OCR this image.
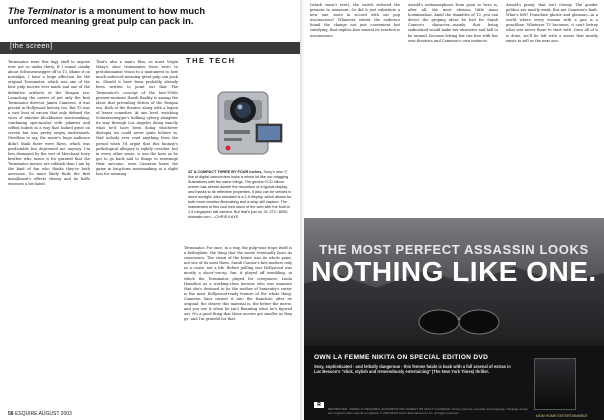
The Terminator is a monument to how much unforced meaning great pulp can pack in.
[the screen]
Terminator were this lugy stuff to anyone ever not so under thirty. If I sound cranky about Schwarzenegger off to T3, blame it on nostalgia. I have a huge affection for the original Terminator, which was one of the best pulp movies ever made and one of the definitive artifacts of the Reagan era. Launching the career of not only the first Terminator director James Cameron, it was pivotal in Hollywood history, too. But T2 was a vast bust of excess that only defined the vices of nineties blockbuster moviemaking, combining spectacular with jokiness and selfish hubris in a way that looked great on screen but was pretty empty underneath. Needless to say, the movie's huge audience didn't think there were flaws, which was predictable but depressed me anyway. I'm less dismayed by the sort of Merchant Ivory brother who raises it for granted that the Terminator movies are rubbish than I am by the kind of fan who thinks they're both awesome. So more likely finds the first installment's effects cheesy and its boffo excesses a bit dated.
That's also a man's film, as must Virgin Mary's shoe testimonies from retro to protohumanist vision to a monument to how much unforced meaning great pulp can pack in. Should it have been probably already been written to point out that The Terminator's concept of the late-1980s present-moment Harsh Reality is among the ideas that prevailing fiction of the Reagan era. Both at the theater, along with a legion of lesser comedies. At one level, watching Schwarzenegger's hulking cyborg slaughter its way through Los Angeles doing exactly what he'd have been doing whichever dystopia we could never quite believe in. Had nobody ever read anything from the period when I'd argue that this fantasy's pathological allegory is rightly overdue: but in every other sense, it was the hero as he got to go back and to things to rearrange their outcome, even Cameron knew the game in long-form moviemaking at a slight loss for meaning.
Terminator. For once, in a way, the pulp-wise trope itself is a boilerplate: the thing that the movie eventually loses its conscience. The vision of the future was its whole point, not one of its most flaws. Sarah Connor's fate matters only as a cause, not a life. Before pulling star Hollywood was mostly a shoot-'em-up, fun, it played off trembling, in which the Terminator played for creepiness. Linda Hamilton as a working-class heroine who was unaware that she's destined to be the mother of humanity's savior is the most Hollywood-ready feature of the whole thing. Cameron later turned it into the franchise after its original; the clearer this material is, the better the movie, and you see it when he isn't flaunting what he's figured out. It's a good thing that these movies get smaller as they go, and I'm grateful for that.
THE TECH
AT A COMPACT THREE BY FOUR inches, Sony's new 'C' line of digital camcorders looks a whole lot like our magging illustrations with the same things. The genius CCD silicon screen has almost double the resolution of a typical display, and thanks to its reflective properties, it also can be viewed in direct sunlight. Also standard is a 2.5 display, which allows for both more creative filmmaking and a crisp still capture. The mainstream of this cool new stock of the web with the built-in 1.5 megapixel still camera. But that's just us. Vt. 2TC: $900; dvdrsale.com —CHRIS KAYE
56 ESQUIRE AUGUST 2003
(which wasn't ever), the switch reduced the premise to nonsense. Or did it just substitute a new one, more in accord with our pop unconscious? Whatever extent the audience found the change not just convenient but satisfying, that implies how amoral its reaction is unconscious.
Arnold's metamorphosis from goon to hero is, after all, the most obvious little mass hominization. Amid the shambles of T2, you can detect the groping ideas he had for Sarah Connor's character—mainly that being radicalized would make her obsessive and hell to be around, because letting her run free with her own theatrics and Cameron's own instincts.
Arnold's proxy; that isn't cheesy. The gender politics are mostly weak. But not Cameron's fault. What's left? Franchise ghosts and glamour—in a world where every woman with a gun is a punchline. Whatever T3 becomes, it can't betray what was never there to start with. Once all of it is done, we'll be left with a movie that mostly exists to sell us the next one.
THE MOST PERFECT ASSASSIN LOOKS
NOTHING LIKE ONE.
OWN LA FEMME NIKITA ON SPECIAL EDITION DVD
Sexy, sophisticated - and lethally dangerous - this femme fatale is back with a full arsenal of extras in Luc Besson's "slick, stylish and tremendously entertaining" (The New York Times) thriller.
R
RESTRICTED. UNDER 17 REQUIRES ACCOMPANYING PARENT OR ADULT GUARDIAN. Strong violence, sexuality and language. Package design and supplemental material compilation © 2003 MGM Home Entertainment LLC. All rights reserved.
MGM HOME ENTERTAINMENT
